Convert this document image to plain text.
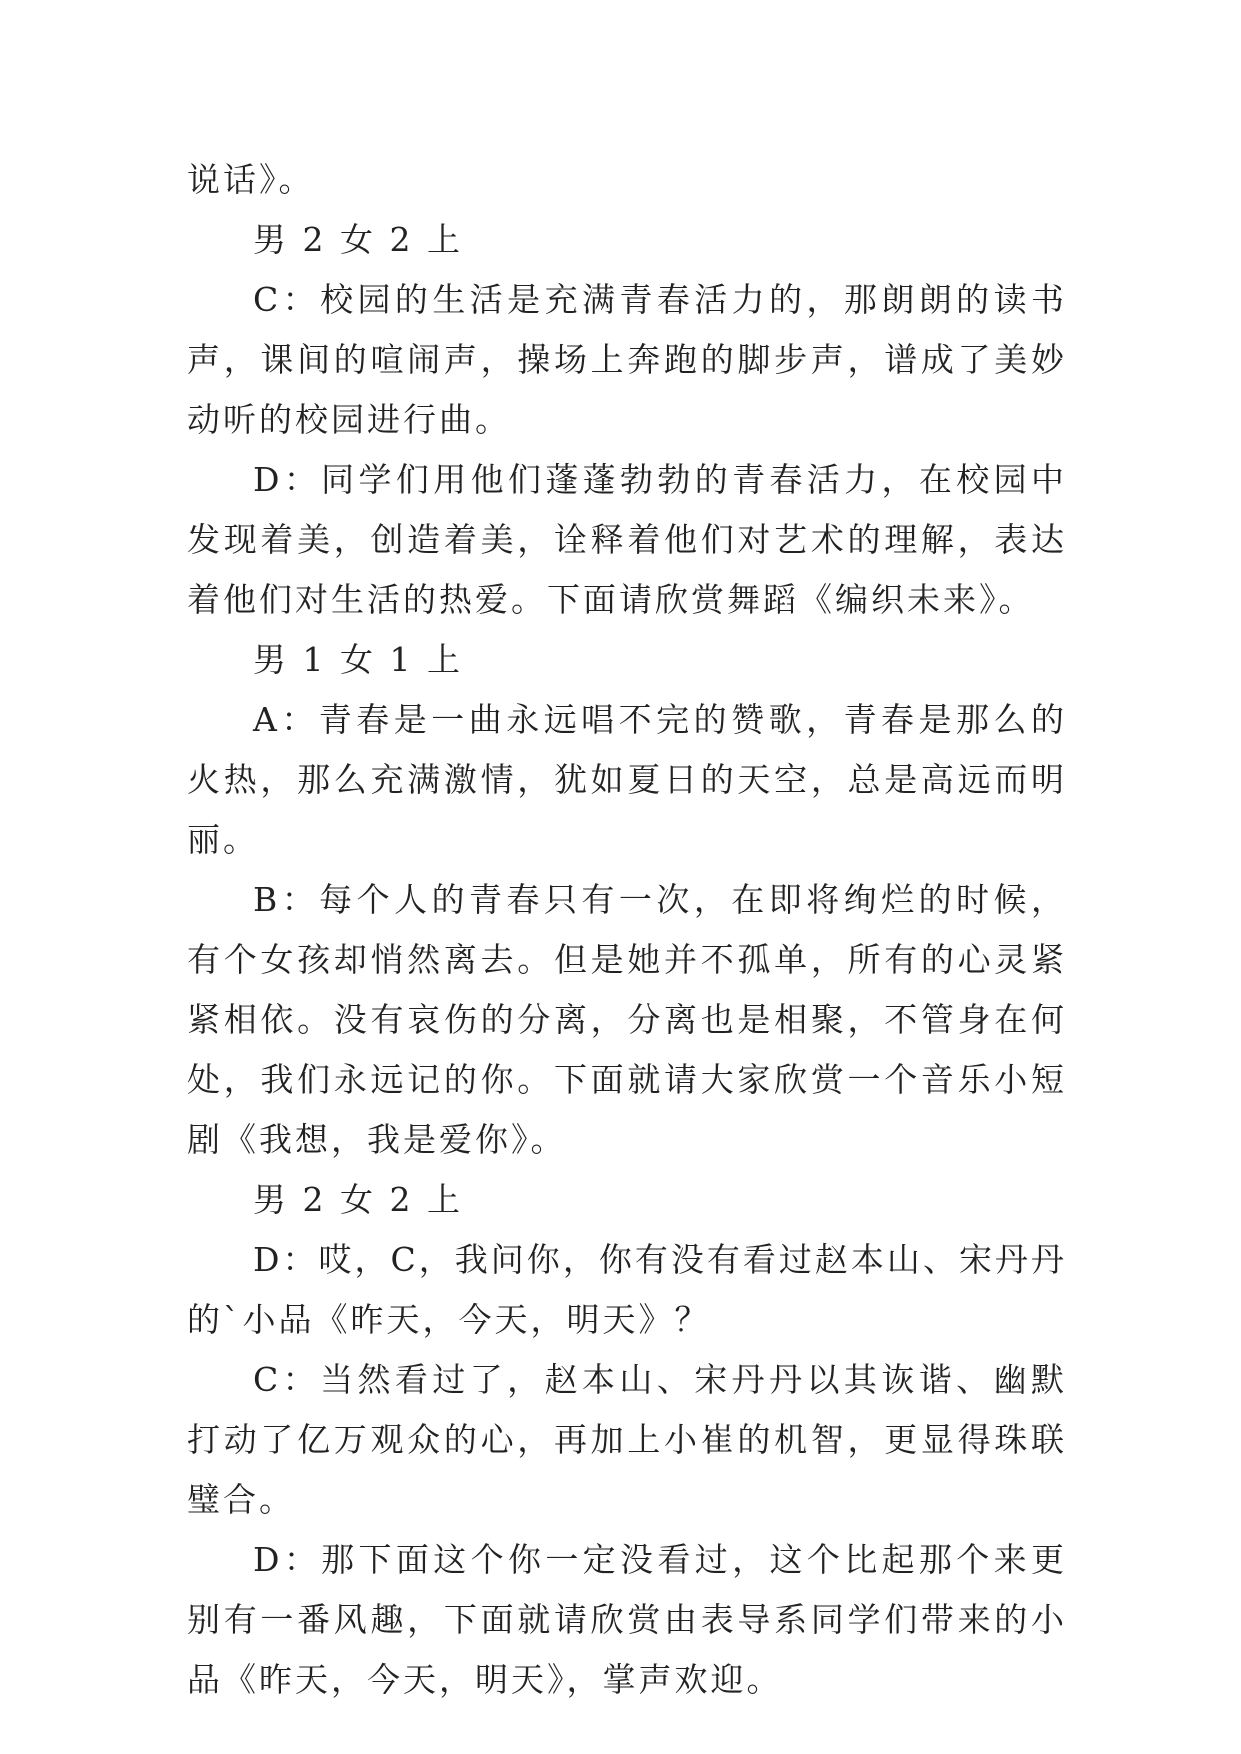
说话》。

男 2 女 2 上

C：校园的生活是充满青春活力的，那朗朗的读书声，课间的喧闹声，操场上奔跑的脚步声，谱成了美妙动听的校园进行曲。

D：同学们用他们蓬蓬勃勃的青春活力，在校园中发现着美，创造着美，诠释着他们对艺术的理解，表达着他们对生活的热爱。下面请欣赏舞蹈《编织未来》。

男 1 女 1 上

A：青春是一曲永远唱不完的赞歌，青春是那么的火热，那么充满激情，犹如夏日的天空，总是高远而明丽。

B：每个人的青春只有一次，在即将绚烂的时候，有个女孩却悄然离去。但是她并不孤单，所有的心灵紧紧相依。没有哀伤的分离，分离也是相聚，不管身在何处，我们永远记的你。下面就请大家欣赏一个音乐小短剧《我想，我是爱你》。

男 2 女 2 上

D：哎，C，我问你，你有没有看过赵本山、宋丹丹的`小品《昨天，今天，明天》？

C：当然看过了，赵本山、宋丹丹以其诙谐、幽默打动了亿万观众的心，再加上小崔的机智，更显得珠联璧合。

D：那下面这个你一定没看过，这个比起那个来更别有一番风趣，下面就请欣赏由表导系同学们带来的小品《昨天，今天，明天》，掌声欢迎。
